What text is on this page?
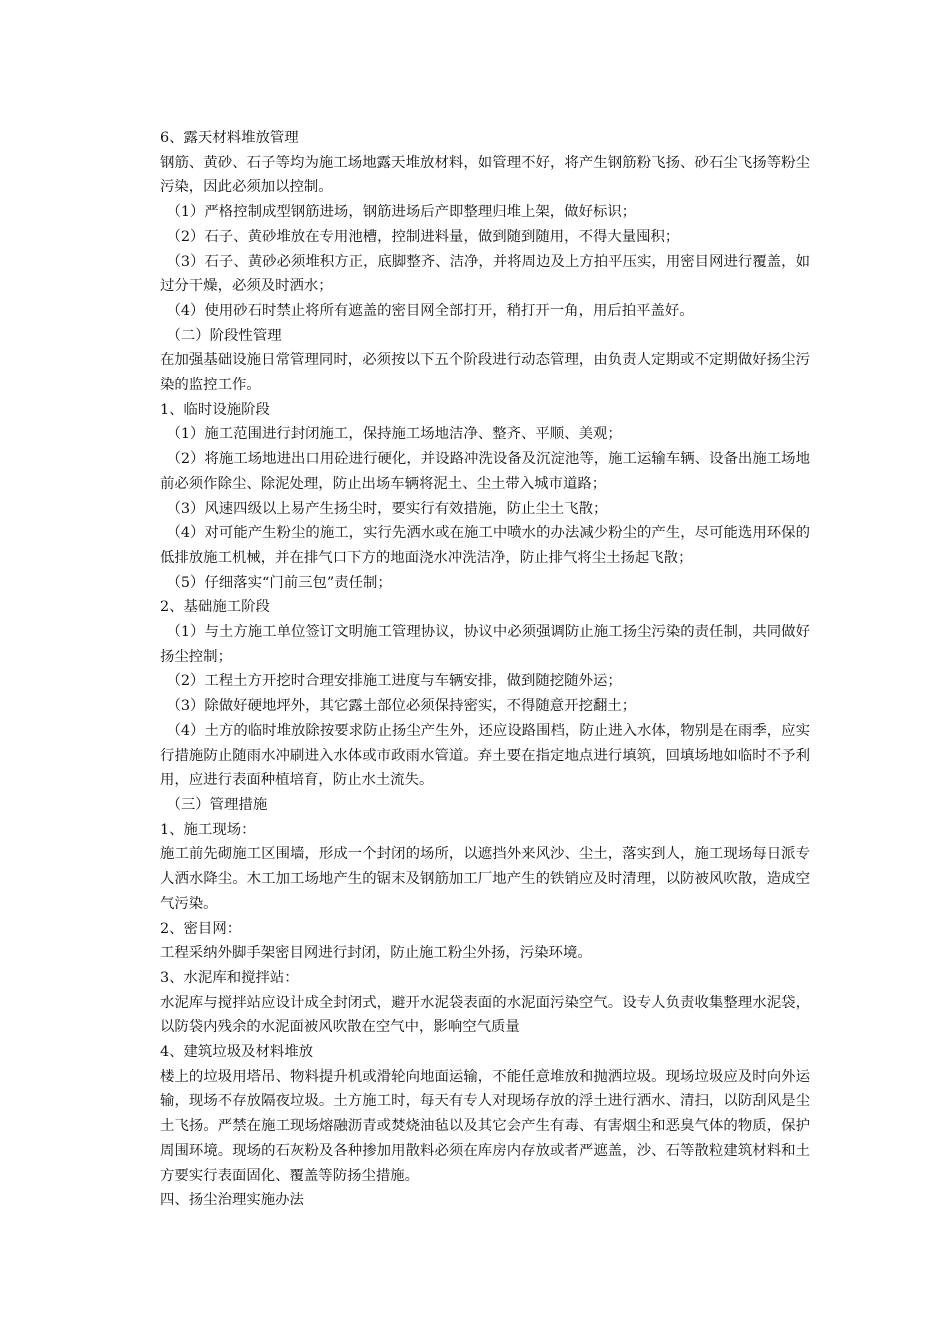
6、露天材料堆放管理

钢筋、黄砂、石子等均为施工场地露天堆放材料，如管理不好，将产生钢筋粉飞扬、砂石尘飞扬等粉尘污染，因此必须加以控制。

（1）严格控制成型钢筋进场，钢筋进场后产即整理归堆上架，做好标识；

（2）石子、黄砂堆放在专用池槽，控制进料量，做到随到随用，不得大量囤积；

（3）石子、黄砂必须堆积方正，底脚整齐、洁净，并将周边及上方拍平压实，用密目网进行覆盖，如过分干燥，必须及时洒水；

（4）使用砂石时禁止将所有遮盖的密目网全部打开，稍打开一角，用后拍平盖好。

（二）阶段性管理

在加强基础设施日常管理同时，必须按以下五个阶段进行动态管理，由负责人定期或不定期做好扬尘污染的监控工作。

1、临时设施阶段

（1）施工范围进行封闭施工，保持施工场地洁净、整齐、平顺、美观；

（2）将施工场地进出口用砼进行硬化，并设路冲洗设备及沉淀池等，施工运输车辆、设备出施工场地前必须作除尘、除泥处理，防止出场车辆将泥土、尘土带入城市道路；

（3）风速四级以上易产生扬尘时，要实行有效措施，防止尘土飞散；

（4）对可能产生粉尘的施工，实行先洒水或在施工中喷水的办法减少粉尘的产生，尽可能选用环保的低排放施工机械，并在排气口下方的地面浇水冲洗洁净，防止排气将尘土扬起飞散；

（5）仔细落实“门前三包”责任制；

2、基础施工阶段

（1）与土方施工单位签订文明施工管理协议，协议中必须强调防止施工扬尘污染的责任制，共同做好扬尘控制；

（2）工程土方开挖时合理安排施工进度与车辆安排，做到随挖随外运；

（3）除做好硬地坪外，其它露土部位必须保持密实，不得随意开挖翻土；

（4）土方的临时堆放除按要求防止扬尘产生外，还应设路围档，防止进入水体，物别是在雨季，应实行措施防止随雨水冲刷进入水体或市政雨水管道。弃土要在指定地点进行填筑，回填场地如临时不予利用，应进行表面种植培育，防止水土流失。

（三）管理措施

1、施工现场：

施工前先砌施工区围墙，形成一个封闭的场所，以遮挡外来风沙、尘土，落实到人，施工现场每日派专人洒水降尘。木工加工场地产生的锯末及钢筋加工厂地产生的铁销应及时清理，以防被风吹散，造成空气污染。

2、密目网：

工程采纳外脚手架密目网进行封闭，防止施工粉尘外扬，污染环境。

3、水泥库和搅拌站：

水泥库与搅拌站应设计成全封闭式，避开水泥袋表面的水泥面污染空气。设专人负责收集整理水泥袋，以防袋内残余的水泥面被风吹散在空气中，影响空气质量

4、建筑垃圾及材料堆放

楼上的垃圾用塔吊、物料提升机或滑轮向地面运输，不能任意堆放和抛洒垃圾。现场垃圾应及时向外运输，现场不存放隔夜垃圾。土方施工时，每天有专人对现场存放的浮土进行洒水、清扫，以防刮风是尘土飞扬。严禁在施工现场熔融沥青或焚烧油毡以及其它会产生有毒、有害烟尘和恶臭气体的物质，保护周围环境。现场的石灰粉及各种掺加用散料必须在库房内存放或者严遮盖，沙、石等散粒建筑材料和土方要实行表面固化、覆盖等防扬尘措施。

四、扬尘治理实施办法
